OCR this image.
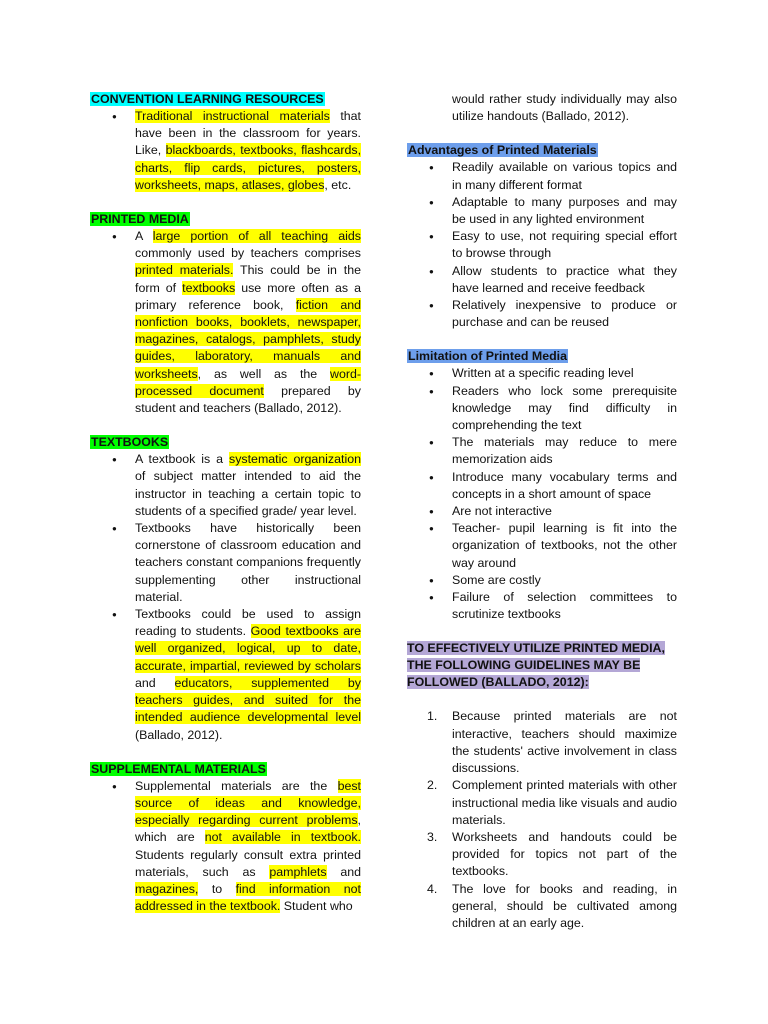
CONVENTION LEARNING RESOURCES
● Traditional instructional materials that have been in the classroom for years. Like, blackboards, textbooks, flashcards, charts, flip cards, pictures, posters, worksheets, maps, atlases, globes, etc.
PRINTED MEDIA
● A large portion of all teaching aids commonly used by teachers comprises printed materials. This could be in the form of textbooks use more often as a primary reference book, fiction and nonfiction books, booklets, newspaper, magazines, catalogs, pamphlets, study guides, laboratory, manuals and worksheets, as well as the word-processed document prepared by student and teachers (Ballado, 2012).
TEXTBOOKS
● A textbook is a systematic organization of subject matter intended to aid the instructor in teaching a certain topic to students of a specified grade/ year level.
● Textbooks have historically been cornerstone of classroom education and teachers constant companions frequently supplementing other instructional material.
● Textbooks could be used to assign reading to students. Good textbooks are well organized, logical, up to date, accurate, impartial, reviewed by scholars and educators, supplemented by teachers guides, and suited for the intended audience developmental level (Ballado, 2012).
SUPPLEMENTAL MATERIALS
● Supplemental materials are the best source of ideas and knowledge, especially regarding current problems, which are not available in textbook. Students regularly consult extra printed materials, such as pamphlets and magazines, to find information not addressed in the textbook. Student who
would rather study individually may also utilize handouts (Ballado, 2012).
Advantages of Printed Materials
● Readily available on various topics and in many different format
● Adaptable to many purposes and may be used in any lighted environment
● Easy to use, not requiring special effort to browse through
● Allow students to practice what they have learned and receive feedback
● Relatively inexpensive to produce or purchase and can be reused
Limitation of Printed Media
● Written at a specific reading level
● Readers who lock some prerequisite knowledge may find difficulty in comprehending the text
● The materials may reduce to mere memorization aids
● Introduce many vocabulary terms and concepts in a short amount of space
● Are not interactive
● Teacher- pupil learning is fit into the organization of textbooks, not the other way around
● Some are costly
● Failure of selection committees to scrutinize textbooks
TO EFFECTIVELY UTILIZE PRINTED MEDIA,
THE FOLLOWING GUIDELINES MAY BE
FOLLOWED (BALLADO, 2012):
1. Because printed materials are not interactive, teachers should maximize the students' active involvement in class discussions.
2. Complement printed materials with other instructional media like visuals and audio materials.
3. Worksheets and handouts could be provided for topics not part of the textbooks.
4. The love for books and reading, in general, should be cultivated among children at an early age.
